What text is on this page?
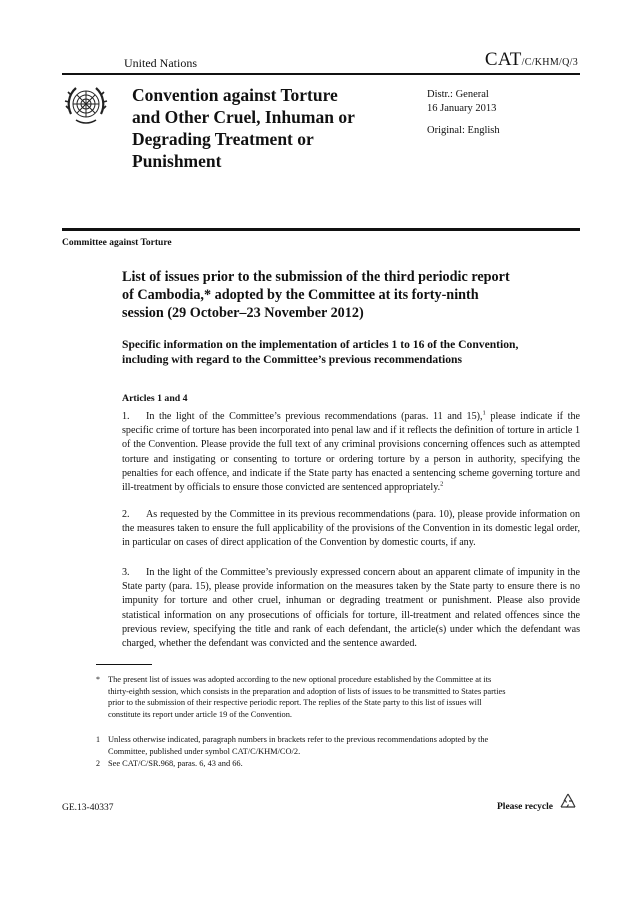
United Nations	CAT/C/KHM/Q/3
Convention against Torture and Other Cruel, Inhuman or Degrading Treatment or Punishment
Distr.: General
16 January 2013
Original: English
Committee against Torture
List of issues prior to the submission of the third periodic report of Cambodia,* adopted by the Committee at its forty-ninth session (29 October–23 November 2012)
Specific information on the implementation of articles 1 to 16 of the Convention, including with regard to the Committee’s previous recommendations
Articles 1 and 4
1. In the light of the Committee’s previous recommendations (paras. 11 and 15),$^1$ please indicate if the specific crime of torture has been incorporated into penal law and if it reflects the definition of torture in article 1 of the Convention. Please provide the full text of any criminal provisions concerning offences such as attempted torture and instigating or consenting to torture or ordering torture by a person in authority, specifying the penalties for each offence, and indicate if the State party has enacted a sentencing scheme governing torture and ill-treatment by officials to ensure those convicted are sentenced appropriately.$^2$
2. As requested by the Committee in its previous recommendations (para. 10), please provide information on the measures taken to ensure the full applicability of the provisions of the Convention in its domestic legal order, in particular on cases of direct application of the Convention by domestic courts, if any.
3. In the light of the Committee’s previously expressed concern about an apparent climate of impunity in the State party (para. 15), please provide information on the measures taken by the State party to ensure there is no impunity for torture and other cruel, inhuman or degrading treatment or punishment. Please also provide statistical information on any prosecutions of officials for torture, ill-treatment and related offences since the previous review, specifying the title and rank of each defendant, the article(s) under which the defendant was charged, whether the defendant was convicted and the sentence awarded.
* The present list of issues was adopted according to the new optional procedure established by the Committee at its thirty-eighth session, which consists in the preparation and adoption of lists of issues to be transmitted to States parties prior to the submission of their respective periodic report. The replies of the State party to this list of issues will constitute its report under article 19 of the Convention.
1 Unless otherwise indicated, paragraph numbers in brackets refer to the previous recommendations adopted by the Committee, published under symbol CAT/C/KHM/CO/2.
2 See CAT/C/SR.968, paras. 6, 43 and 66.
GE.13-40337	Please recycle
